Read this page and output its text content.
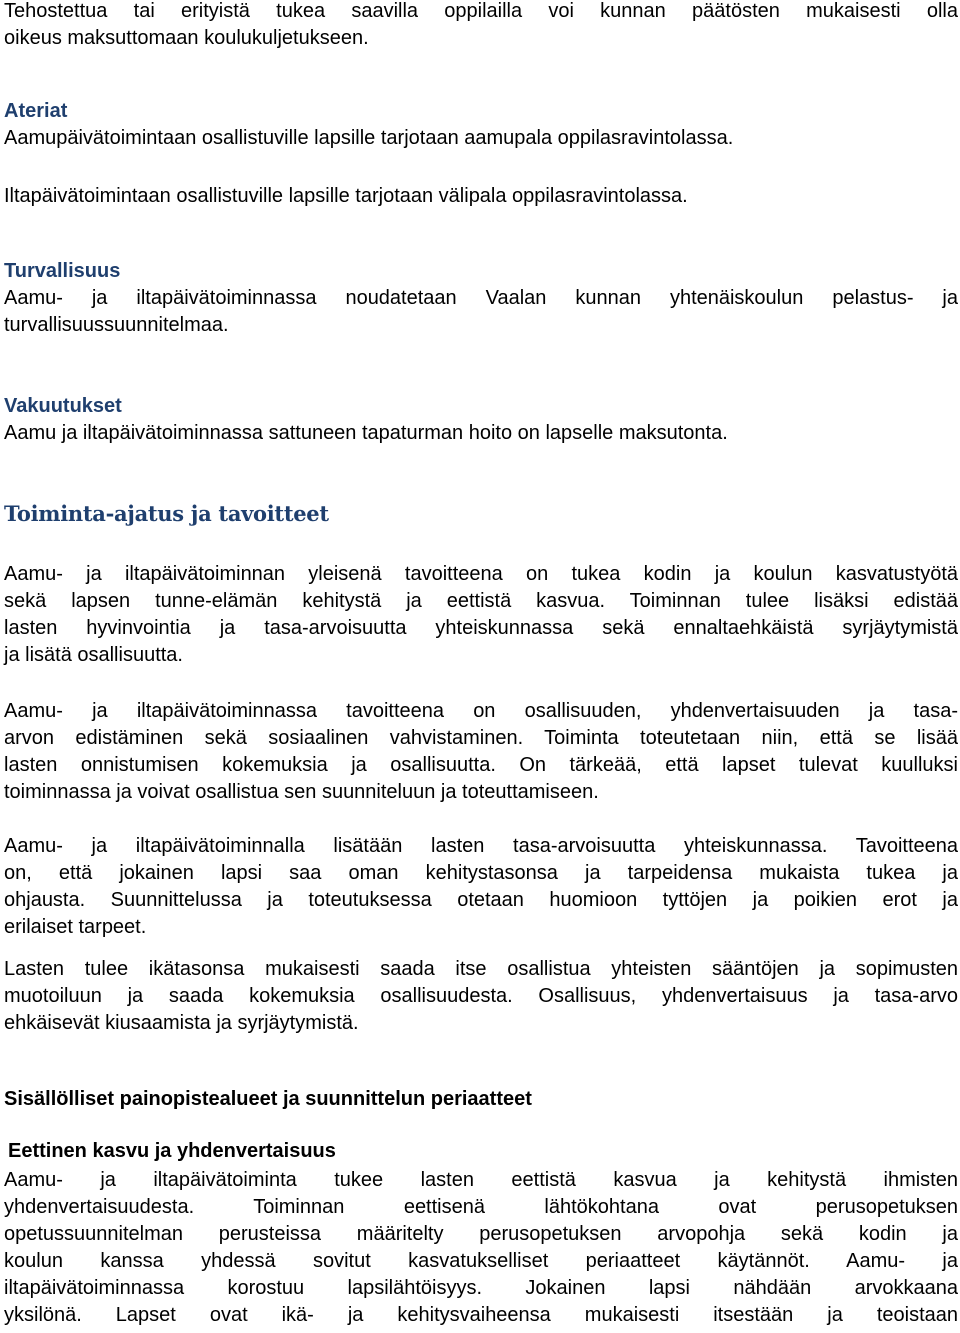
Tehostettua tai erityistä tukea saavilla oppilailla voi kunnan päätösten mukaisesti olla
oikeus maksuttomaan koulukuljetukseen.
Ateriat
Aamupäivätoimintaan osallistuville lapsille tarjotaan aamupala oppilasravintolassa.
Iltapäivätoimintaan osallistuville lapsille tarjotaan välipala oppilasravintolassa.
Turvallisuus
Aamu- ja iltapäivätoiminnassa noudatetaan Vaalan kunnan yhtenäiskoulun pelastus- ja
turvallisuussuunnitelmaa.
Vakuutukset
Aamu ja iltapäivätoiminnassa sattuneen tapaturman hoito on lapselle maksutonta.
Toiminta-ajatus ja tavoitteet
Aamu- ja iltapäivätoiminnan yleisenä tavoitteena on tukea kodin ja koulun kasvatustyötä
sekä lapsen tunne-elämän kehitystä ja eettistä kasvua. Toiminnan tulee lisäksi edistää
lasten hyvinvointia ja tasa-arvoisuutta yhteiskunnassa sekä ennaltaehkäistä syrjäytymistä
ja lisätä osallisuutta.
Aamu- ja iltapäivätoiminnassa tavoitteena on osallisuuden, yhdenvertaisuuden ja tasa-
arvon edistäminen sekä sosiaalinen vahvistaminen. Toiminta toteutetaan niin, että se lisää
lasten onnistumisen kokemuksia ja osallisuutta. On tärkeää, että lapset tulevat kuulluksi
toiminnassa ja voivat osallistua sen suunniteluun ja toteuttamiseen.
Aamu- ja iltapäivätoiminnalla lisätään lasten tasa-arvoisuutta yhteiskunnassa. Tavoitteena
on, että jokainen lapsi saa oman kehitystasonsa ja tarpeidensa mukaista tukea ja
ohjausta. Suunnittelussa ja toteutuksessa otetaan huomioon tyttöjen ja poikien erot ja
erilaiset tarpeet.
Lasten tulee ikätasonsa mukaisesti saada itse osallistua yhteisten sääntöjen ja sopimusten
muotoiluun ja saada kokemuksia osallisuudesta. Osallisuus, yhdenvertaisuus ja tasa-arvo
ehkäisevät kiusaamista ja syrjäytymistä.
Sisällölliset painopistealueet ja suunnittelun periaatteet
Eettinen kasvu ja yhdenvertaisuus
Aamu- ja iltapäivätoiminta tukee lasten eettistä kasvua ja kehitystä ihmisten
yhdenvertaisuudesta. Toiminnan eettisenä lähtökohtana ovat perusopetuksen
opetussuunnitelman perusteissa määritelty perusopetuksen arvopohja sekä kodin ja
koulun kanssa yhdessä sovitut kasvatukselliset periaatteet käytännöt. Aamu- ja
iltapäivätoiminnassa korostuu lapsilähtöisyys. Jokainen lapsi nähdään arvokkaana
yksilönä. Lapset ovat ikä- ja kehitysvaiheensa mukaisesti itsestään ja teoistaan
